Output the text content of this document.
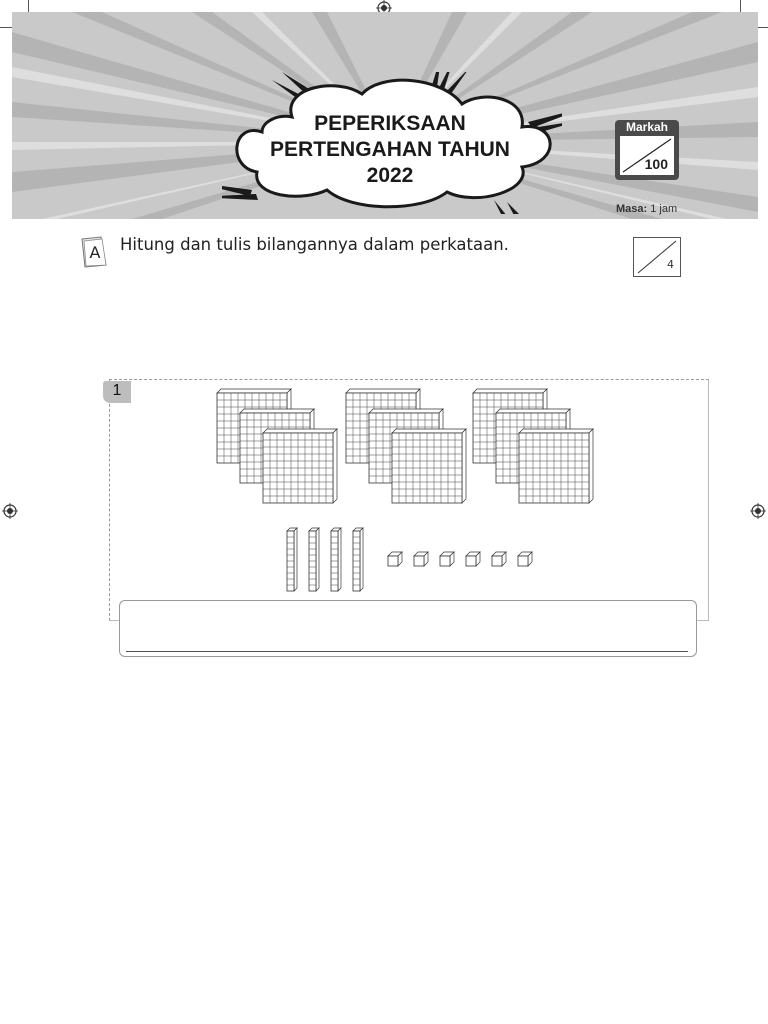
PEPERIKSAAN
PERTENGAHAN TAHUN
2022
Markah
100
Masa: 1 jam
A	Hitung dan tulis bilangannya dalam perkataan.
4
1
